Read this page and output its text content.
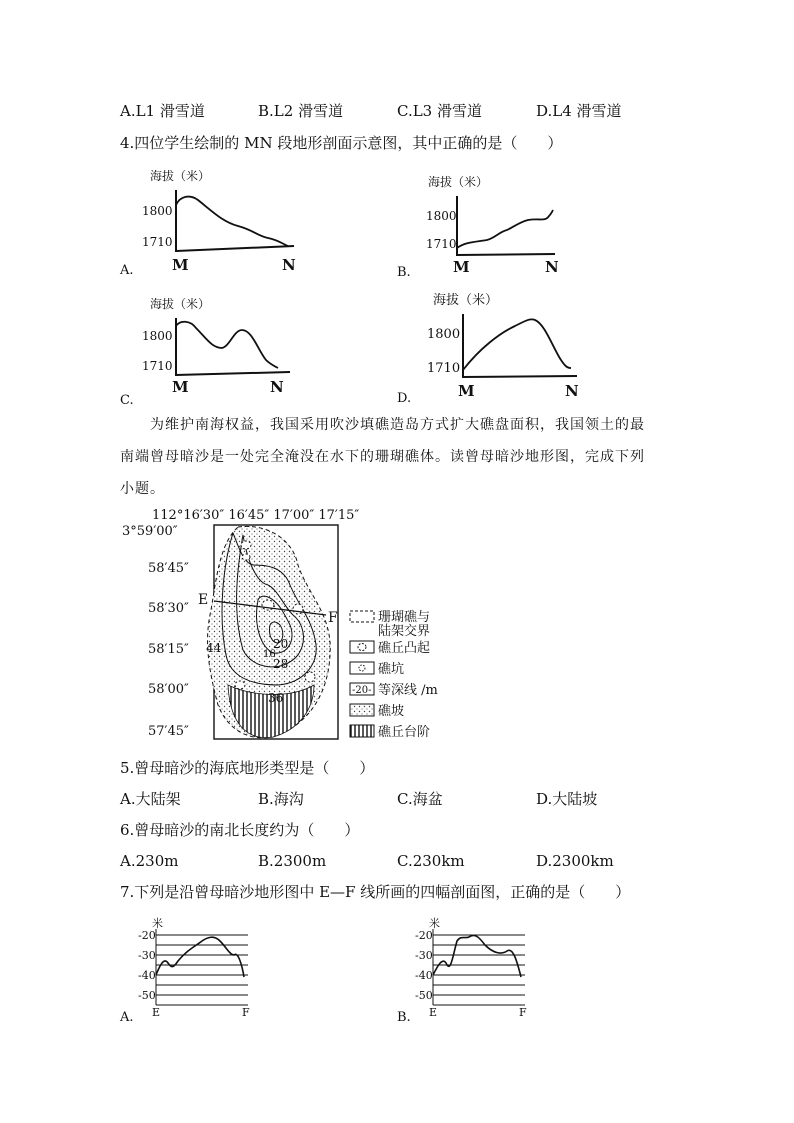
A.L1 滑雪道	B.L2 滑雪道	C.L3 滑雪道	D.L4 滑雪道
4.四位学生绘制的 MN 段地形剖面示意图，其中正确的是（　　）
海拔（米）
1800
1710
M	N
A.
海拔（米）
1800
1710
M	N
B.
海拔（米）
1800
1710
M	N
C.
海拔（米）
1800
1710
M	N
D.
为维护南海权益，我国采用吹沙填礁造岛方式扩大礁盘面积，我国领土的最
南端曾母暗沙是一处完全淹没在水下的珊瑚礁体。读曾母暗沙地形图，完成下列
小题。
112°16′30″ 16′45″ 17′00″ 17′15″
3°59′00″
58′45″
58′30″
58′15″
58′00″
57′45″
E
F
44	20
16
28
36
珊瑚礁与
陆架交界
礁丘凸起
礁坑
-20- 等深线 /m
礁坡
礁丘台阶
5.曾母暗沙的海底地形类型是（　　）
A.大陆架	B.海沟	C.海盆	D.大陆坡
6.曾母暗沙的南北长度约为（　　）
A.230m	B.2300m	C.230km	D.2300km
7.下列是沿曾母暗沙地形图中 E—F 线所画的四幅剖面图，正确的是（　　）
米
-20
-30
-40
-50
E	F
A.
米
-20
-30
-40
-50
E	F
B.
